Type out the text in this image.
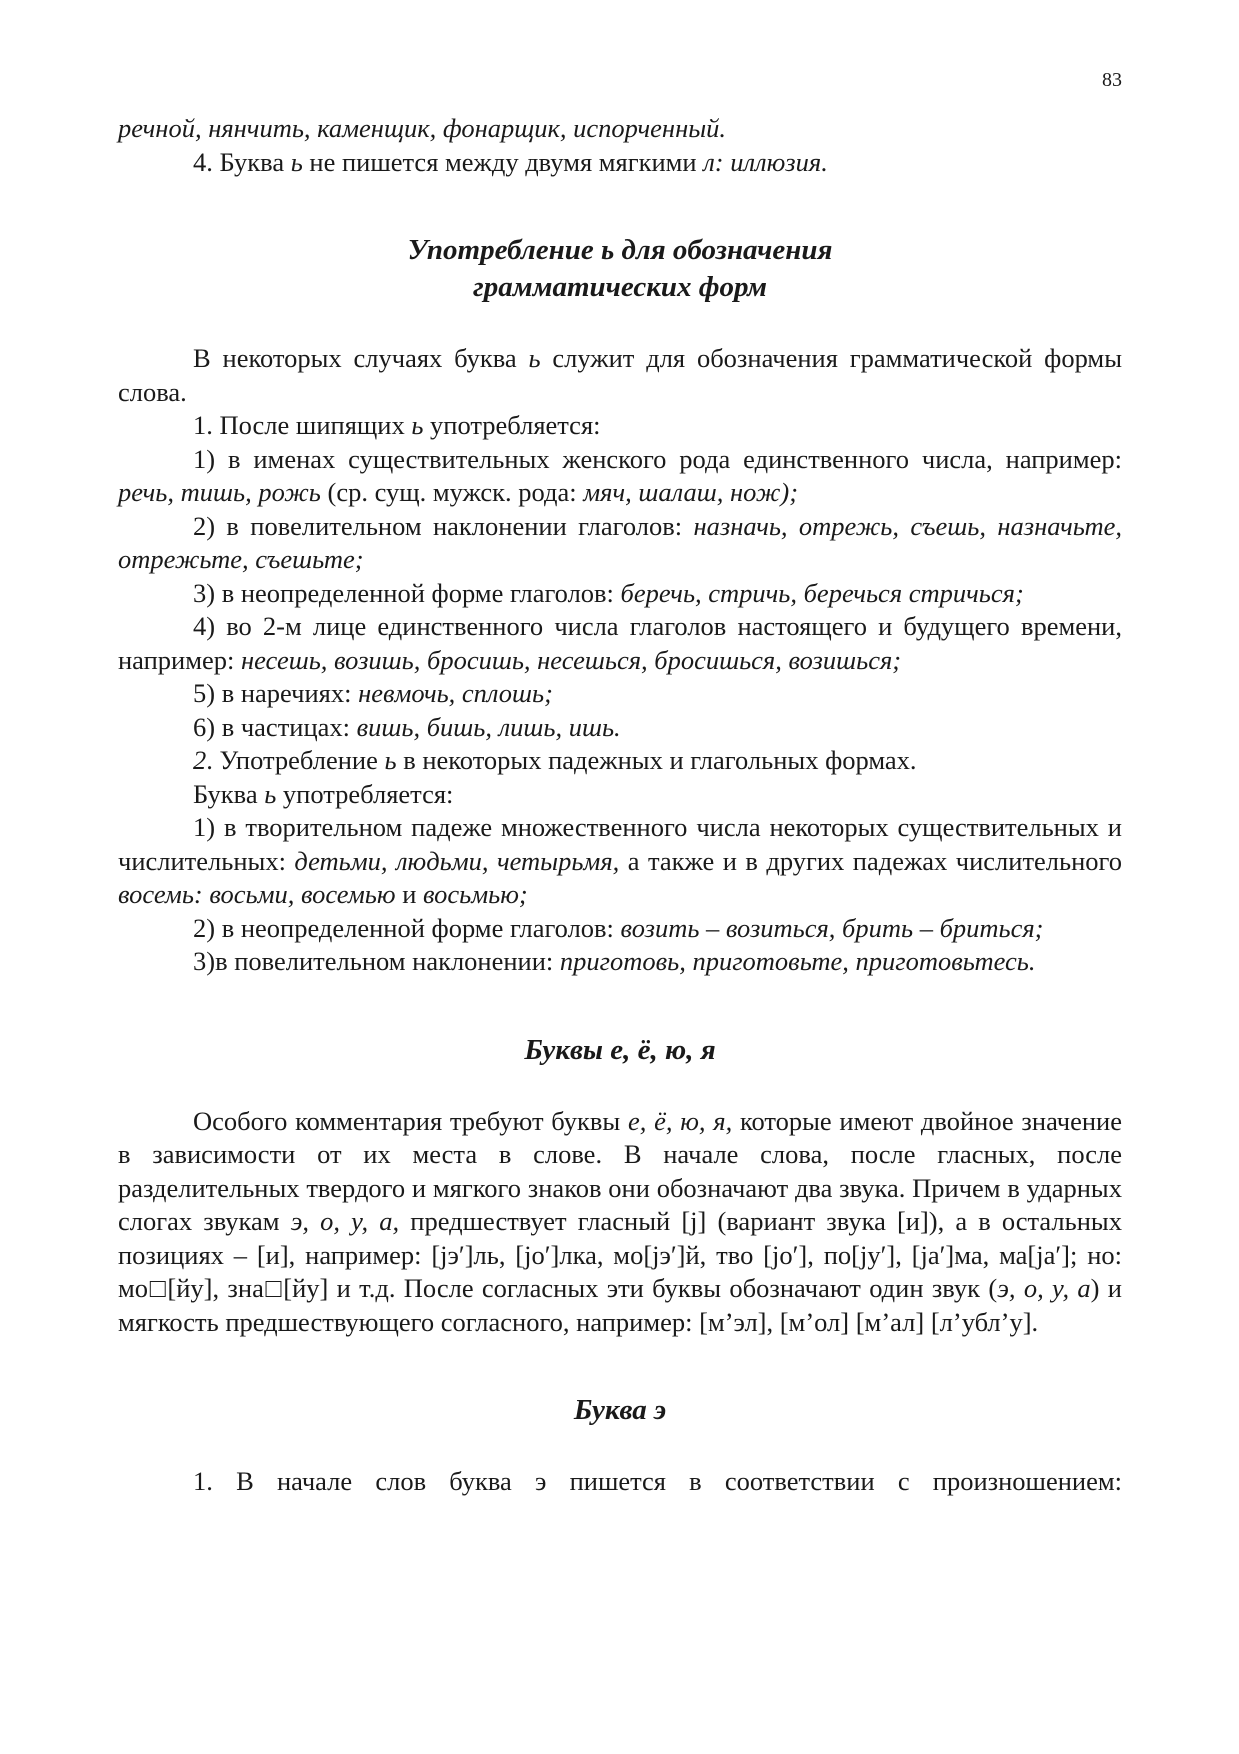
83

речной, нянчить, каменщик, фонарщик, испорченный.

4. Буква ь не пишется между двумя мягкими л: иллюзия.

Употребление ь для обозначения
грамматических форм

В некоторых случаях буква ь служит для обозначения грамматической формы слова.

1. После шипящих ь употребляется:

1) в именах существительных женского рода единственного числа, например: речь, тишь, рожь (ср. сущ. мужск. рода: мяч, шалаш, нож);

2) в повелительном наклонении глаголов: назначь, отрежь, съешь, назначьте, отрежьте, съешьте;

3) в неопределенной форме глаголов: беречь, стричь, беречься стричься;

4) во 2-м лице единственного числа глаголов настоящего и будущего времени, например: несешь, возишь, бросишь, несешься, бросишься, возишься;

5) в наречиях: невмочь, сплошь;

6) в частицах: вишь, бишь, лишь, ишь.

2. Употребление ь в некоторых падежных и глагольных формах.

Буква ь употребляется:

1) в творительном падеже множественного числа некоторых существительных и числительных: детьми, людьми, четырьмя, а также и в других падежах числительного восемь: восьми, восемью и восьмью;

2) в неопределенной форме глаголов: возить – возиться, брить – бриться;

3)в повелительном наклонении: приготовь, приготовьте, приготовьтесь.

Буквы е, ё, ю, я

Особого комментария требуют буквы е, ё, ю, я, которые имеют двойное значение в зависимости от их места в слове. В начале слова, после гласных, после разделительных твердого и мягкого знаков они обозначают два звука. Причем в ударных слогах звукам э, о, у, а, предшествует гласный [j] (вариант звука [и]), а в остальных позициях – [и], например: [jэ′]ль, [jо′]лка, мо[jэ′]й, тво [jо′], по[jу′], [jа′]ма, ма[jа′]; но: мо□[йу], зна□[йу] и т.д. После согласных эти буквы обозначают один звук (э, о, у, а) и мягкость предшествующего согласного, например: [м’эл], [м’ол] [м’ал] [л’убл’у].

Буква э

1. В начале слов буква э пишется в соответствии с произношением:
